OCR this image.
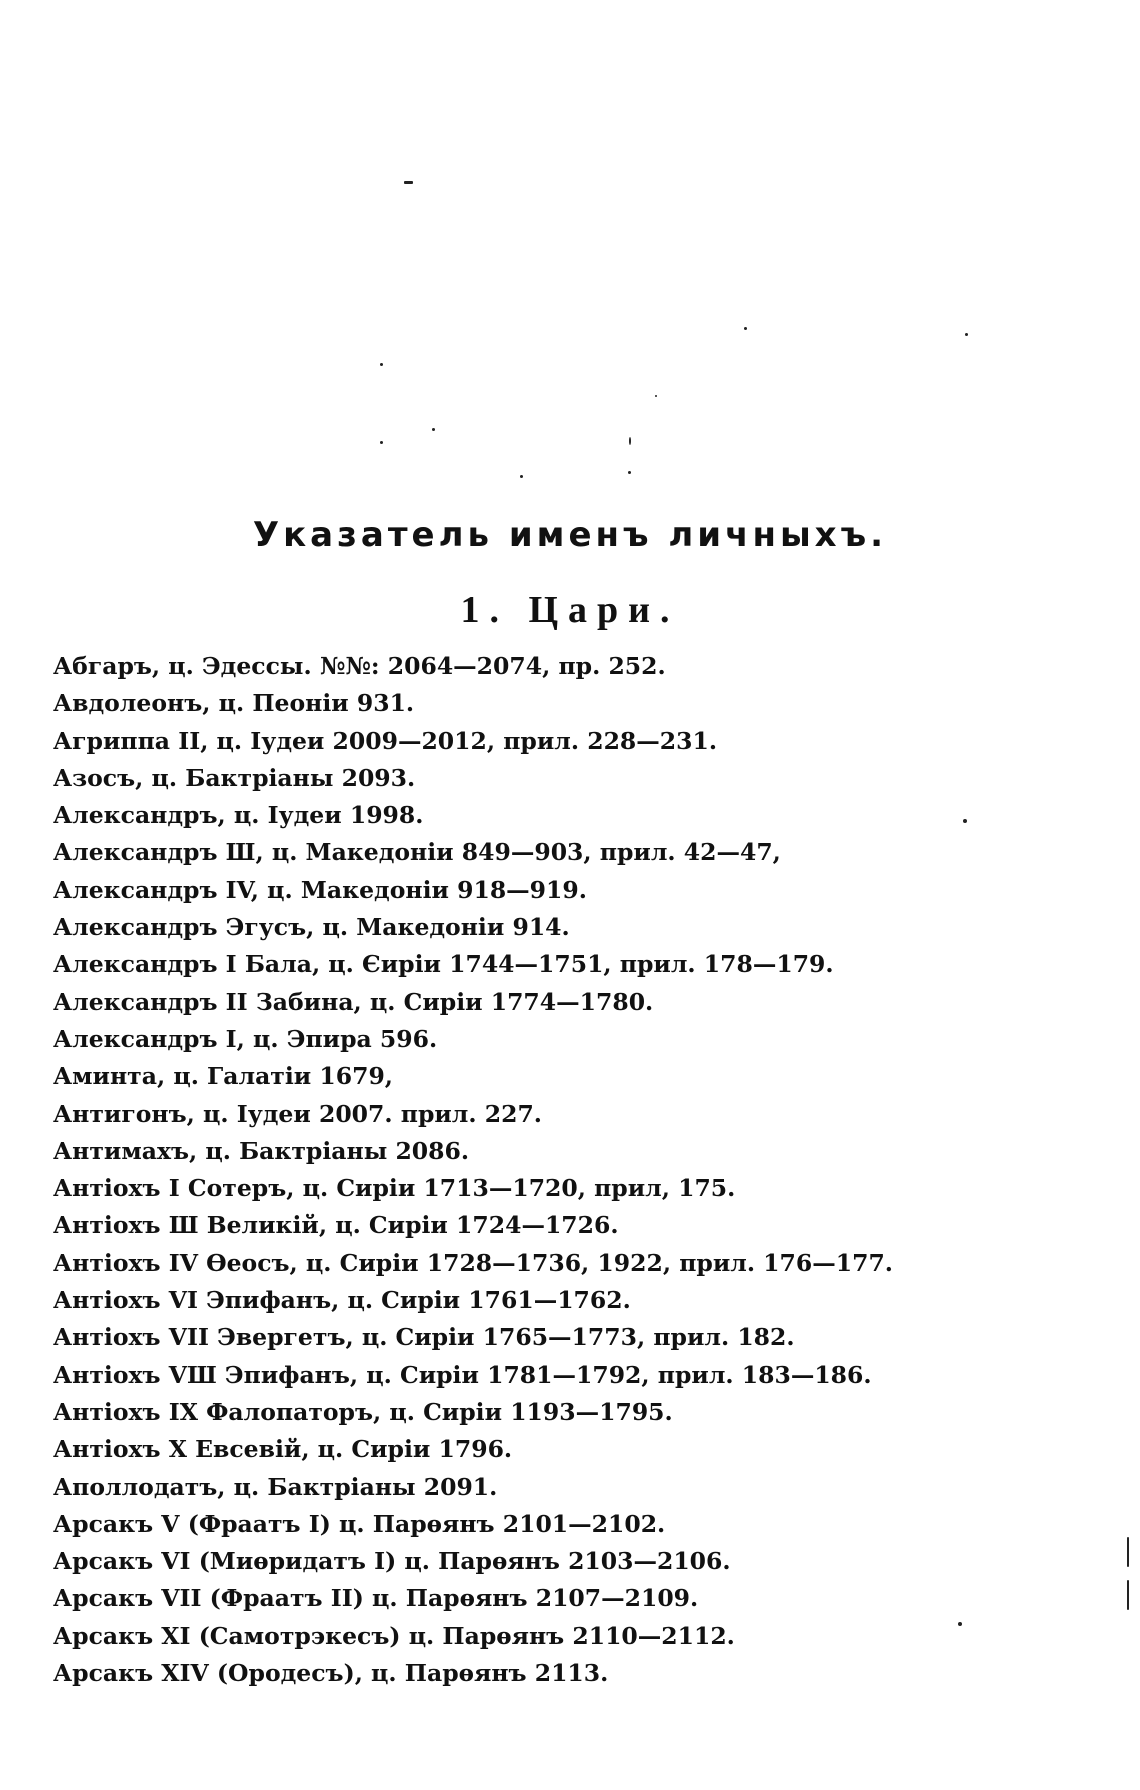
Указатель именъ личныхъ.
1. Цари.
Абгаръ, ц. Эдессы. №№: 2064—2074, пр. 252.
Авдолеонъ, ц. Пеоніи 931.
Агриппа II, ц. Іудеи 2009—2012, прил. 228—231.
Азосъ, ц. Бактріаны 2093.
Александръ, ц. Іудеи 1998.
Александръ Ш, ц. Македоніи 849—903, прил. 42—47,
Александръ IV, ц. Македоніи 918—919.
Александръ Эгусъ, ц. Македоніи 914.
Александръ I Бала, ц. Єиріи 1744—1751, прил. 178—179.
Александръ II Забина, ц. Сиріи 1774—1780.
Александръ I, ц. Эпира 596.
Аминта, ц. Галатіи 1679,
Антигонъ, ц. Іудеи 2007. прил. 227.
Антимахъ, ц. Бактріаны 2086.
Антіохъ I Сотеръ, ц. Сиріи 1713—1720, прил, 175.
Антіохъ Ш Великій, ц. Сиріи 1724—1726.
Антіохъ IV Ѳеосъ, ц. Сиріи 1728—1736, 1922, прил. 176—177.
Антіохъ VI Эпифанъ, ц. Сиріи 1761—1762.
Антіохъ VII Эвергетъ, ц. Сиріи 1765—1773, прил. 182.
Антіохъ VШ Эпифанъ, ц. Сиріи 1781—1792, прил. 183—186.
Антіохъ IX Фалопаторъ, ц. Сиріи 1193—1795.
Антіохъ X Евсевій, ц. Сиріи 1796.
Аполлодатъ, ц. Бактріаны 2091.
Арсакъ V (Фраатъ I) ц. Парѳянъ 2101—2102.
Арсакъ VI (Миѳридатъ I) ц. Парѳянъ 2103—2106.
Арсакъ VII (Фраатъ II) ц. Парѳянъ 2107—2109.
Арсакъ XI (Самотрэкесъ) ц. Парѳянъ 2110—2112.
Арсакъ XIV (Ородесъ), ц. Парѳянъ 2113.
